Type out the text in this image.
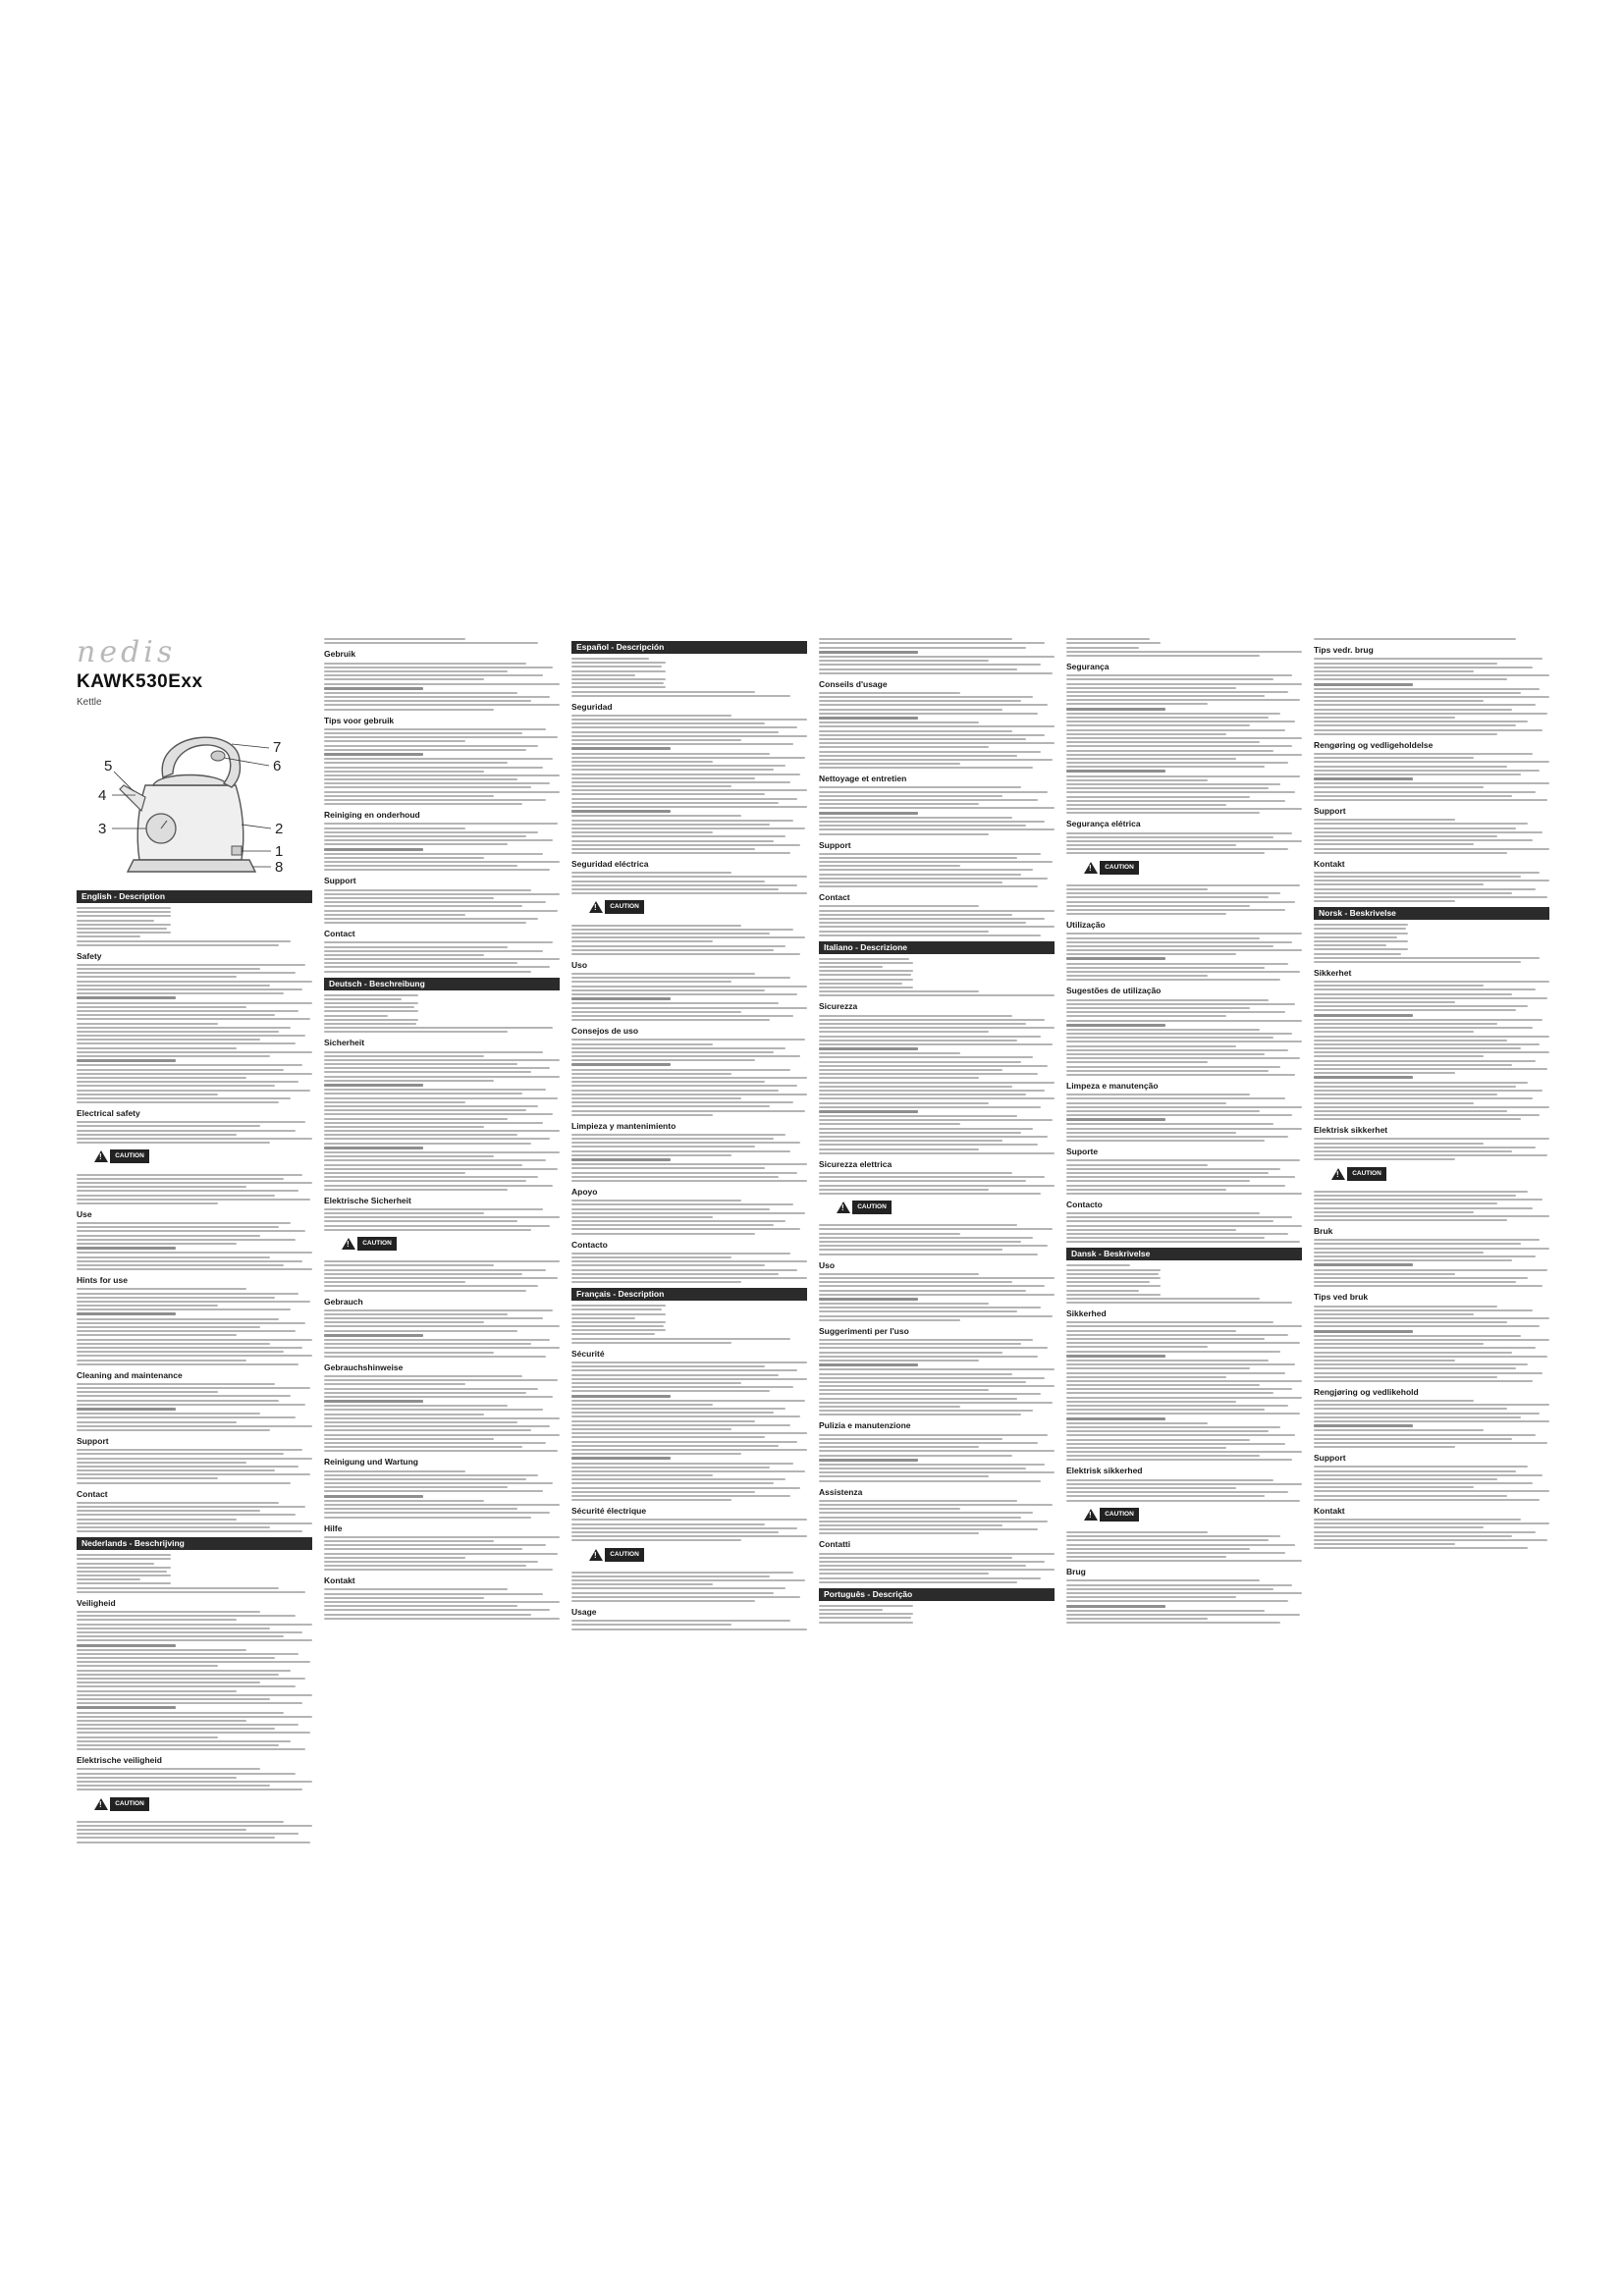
nedis
KAWK530Exx
Kettle
1
2
3
4
5	6
7
8
English - Description
Safety
Electrical safety
!
CAUTION
Use
Hints for use
Cleaning and maintenance
Support
Contact
Nederlands - Beschrijving
Veiligheid
Elektrische veiligheid
!
CAUTION
Gebruik
Tips voor gebruik
Reiniging en onderhoud
Support
Contact
Deutsch - Beschreibung
Sicherheit
Elektrische Sicherheit
!
CAUTION
Gebrauch
Gebrauchshinweise
Reinigung und Wartung
Hilfe
Kontakt
Español - Descripción
Seguridad
Seguridad eléctrica
!
CAUTION
Uso
Consejos de uso
Limpieza y mantenimiento
Apoyo
Contacto
Français - Description
Sécurité
Sécurité électrique
!
CAUTION
Usage
Conseils d'usage
Nettoyage et entretien
Support
Contact
Italiano - Descrizione
Sicurezza
Sicurezza elettrica
!
CAUTION
Uso
Suggerimenti per l'uso
Pulizia e manutenzione
Assistenza
Contatti
Português - Descrição
Segurança
Segurança elétrica
!
CAUTION
Utilização
Sugestões de utilização
Limpeza e manutenção
Suporte
Contacto
Dansk - Beskrivelse
Sikkerhed
Elektrisk sikkerhed
!
CAUTION
Brug
Tips vedr. brug
Rengøring og vedligeholdelse
Support
Kontakt
Norsk - Beskrivelse
Sikkerhet
Elektrisk sikkerhet
!
CAUTION
Bruk
Tips ved bruk
Rengjøring og vedlikehold
Support
Kontakt
